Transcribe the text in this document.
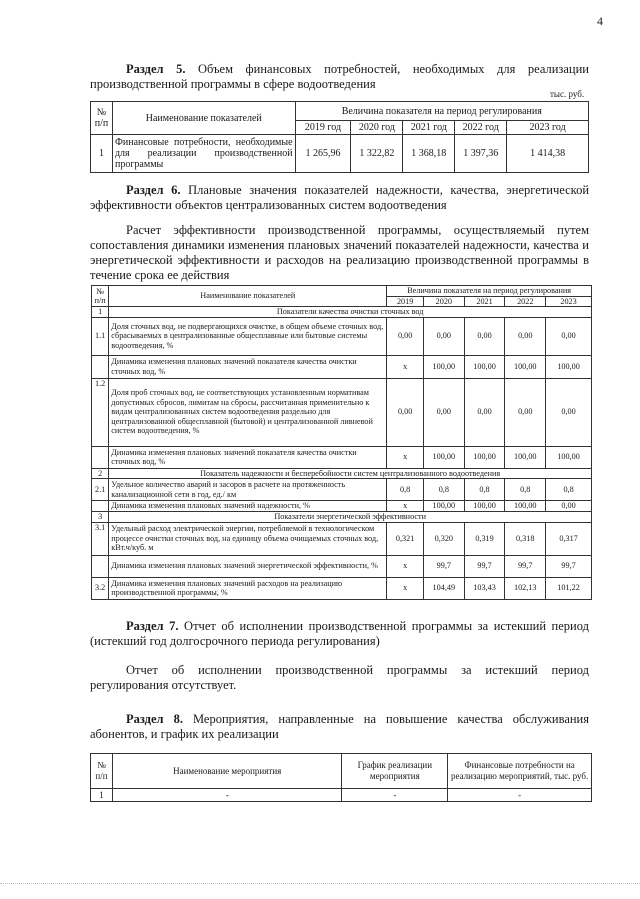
4
Раздел 5. Объем финансовых потребностей, необходимых для реализации производственной программы в сфере водоотведения
тыс. руб.
№ п/п	Наименование показателей	Величина показателя на период регулирования				
		2019 год	2020 год	2021 год	2022 год	2023 год
1	Финансовые потребности, необходимые для реализации производственной программы	1 265,96	1 322,82	1 368,18	1 397,36	1 414,38
Раздел 6. Плановые значения показателей надежности, качества, энергетической эффективности объектов централизованных систем водоотведения
Расчет эффективности производственной программы, осуществляемый путем сопоставления динамики изменения плановых значений показателей надежности, качества и энергетической эффективности и расходов на реализацию производственной программы в течение срока ее действия
№ п/п	Наименование показателей	Величина показателя на период регулирования				
		2019	2020	2021	2022	2023
1	Показатели качества очистки сточных вод					
1.1	Доля сточных вод, не подвергающихся очистке, в общем объеме сточных вод, сбрасываемых в централизованные общесплавные или бытовые системы водоотведения, %	0,00	0,00	0,00	0,00	0,00
	Динамика изменения плановых значений показателя качества очистки сточных вод, %	х	100,00	100,00	100,00	100,00
1.2	Доля проб сточных вод, не соответствующих установленным нормативам допустимых сбросов, лимитам на сбросы, рассчитанная применительно к видам централизованных систем водоотведения раздельно для централизованной общесплавной (бытовой) и централизованной ливневой систем водоотведения, %	0,00	0,00	0,00	0,00	0,00
	Динамика изменения плановых значений показателя качества очистки сточных вод, %	х	100,00	100,00	100,00	100,00
2	Показатель надежности и бесперебойности систем централизованного водоотведения					
2.1	Удельное количество аварий и засоров в расчете на протяженность канализационной сети в год, ед./ км	0,8	0,8	0,8	0,8	0,8
	Динамика изменения плановых значений надежности, %	х	100,00	100,00	100,00	0,00
3	Показатели энергетической эффективности					
3.1	Удельный расход электрической энергии, потребляемой в технологическом процессе очистки сточных вод, на единицу объема очищаемых сточных вод, кВт.ч/куб. м	0,321	0,320	0,319	0,318	0,317
	Динамика изменения плановых значений энергетической эффективности, %	х	99,7	99,7	99,7	99,7
3.2	Динамика изменения плановых значений расходов на реализацию производственной программы, %	х	104,49	103,43	102,13	101,22
Раздел 7. Отчет об исполнении производственной программы за истекший период (истекший год долгосрочного периода регулирования)
Отчет об исполнении производственной программы за истекший период регулирования отсутствует.
Раздел 8. Мероприятия, направленные на повышение качества обслуживания абонентов, и график их реализации
№ п/п	Наименование мероприятия	График реализации мероприятия	Финансовые потребности на реализацию мероприятий, тыс. руб.
1	-	-	-
